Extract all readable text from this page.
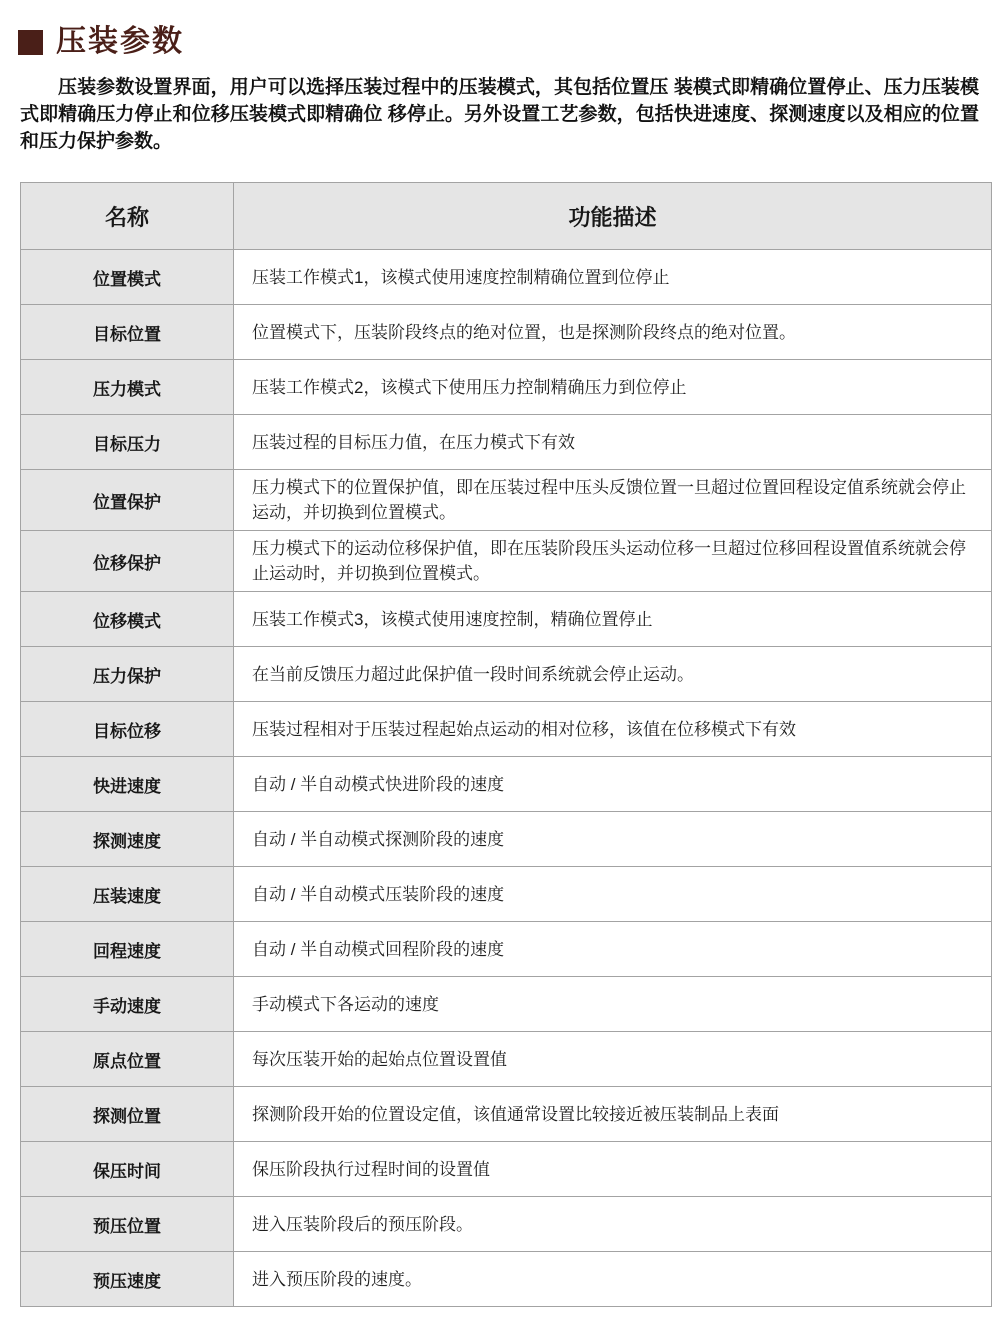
压装参数

压装参数设置界面，用户可以选择压装过程中的压装模式，其包括位置压 装模式即精确位置停止、压力压装模式即精确压力停止和位移压装模式即精确位 移停止。另外设置工艺参数，包括快进速度、探测速度以及相应的位置和压力保护参数。

名称	功能描述
位置模式	压装工作模式1，该模式使用速度控制精确位置到位停止
目标位置	位置模式下，压装阶段终点的绝对位置，也是探测阶段终点的绝对位置。
压力模式	压装工作模式2，该模式下使用压力控制精确压力到位停止
目标压力	压装过程的目标压力值，在压力模式下有效
位置保护	压力模式下的位置保护值，即在压装过程中压头反馈位置一旦超过位置回程设定值系统就会停止运动，并切换到位置模式。
位移保护	压力模式下的运动位移保护值，即在压装阶段压头运动位移一旦超过位移回程设置值系统就会停止运动时，并切换到位置模式。
位移模式	压装工作模式3，该模式使用速度控制，精确位置停止
压力保护	在当前反馈压力超过此保护值一段时间系统就会停止运动。
目标位移	压装过程相对于压装过程起始点运动的相对位移，该值在位移模式下有效
快进速度	自动 / 半自动模式快进阶段的速度
探测速度	自动 / 半自动模式探测阶段的速度
压装速度	自动 / 半自动模式压装阶段的速度
回程速度	自动 / 半自动模式回程阶段的速度
手动速度	手动模式下各运动的速度
原点位置	每次压装开始的起始点位置设置值
探测位置	探测阶段开始的位置设定值，该值通常设置比较接近被压装制品上表面
保压时间	保压阶段执行过程时间的设置值
预压位置	进入压装阶段后的预压阶段。
预压速度	进入预压阶段的速度。
